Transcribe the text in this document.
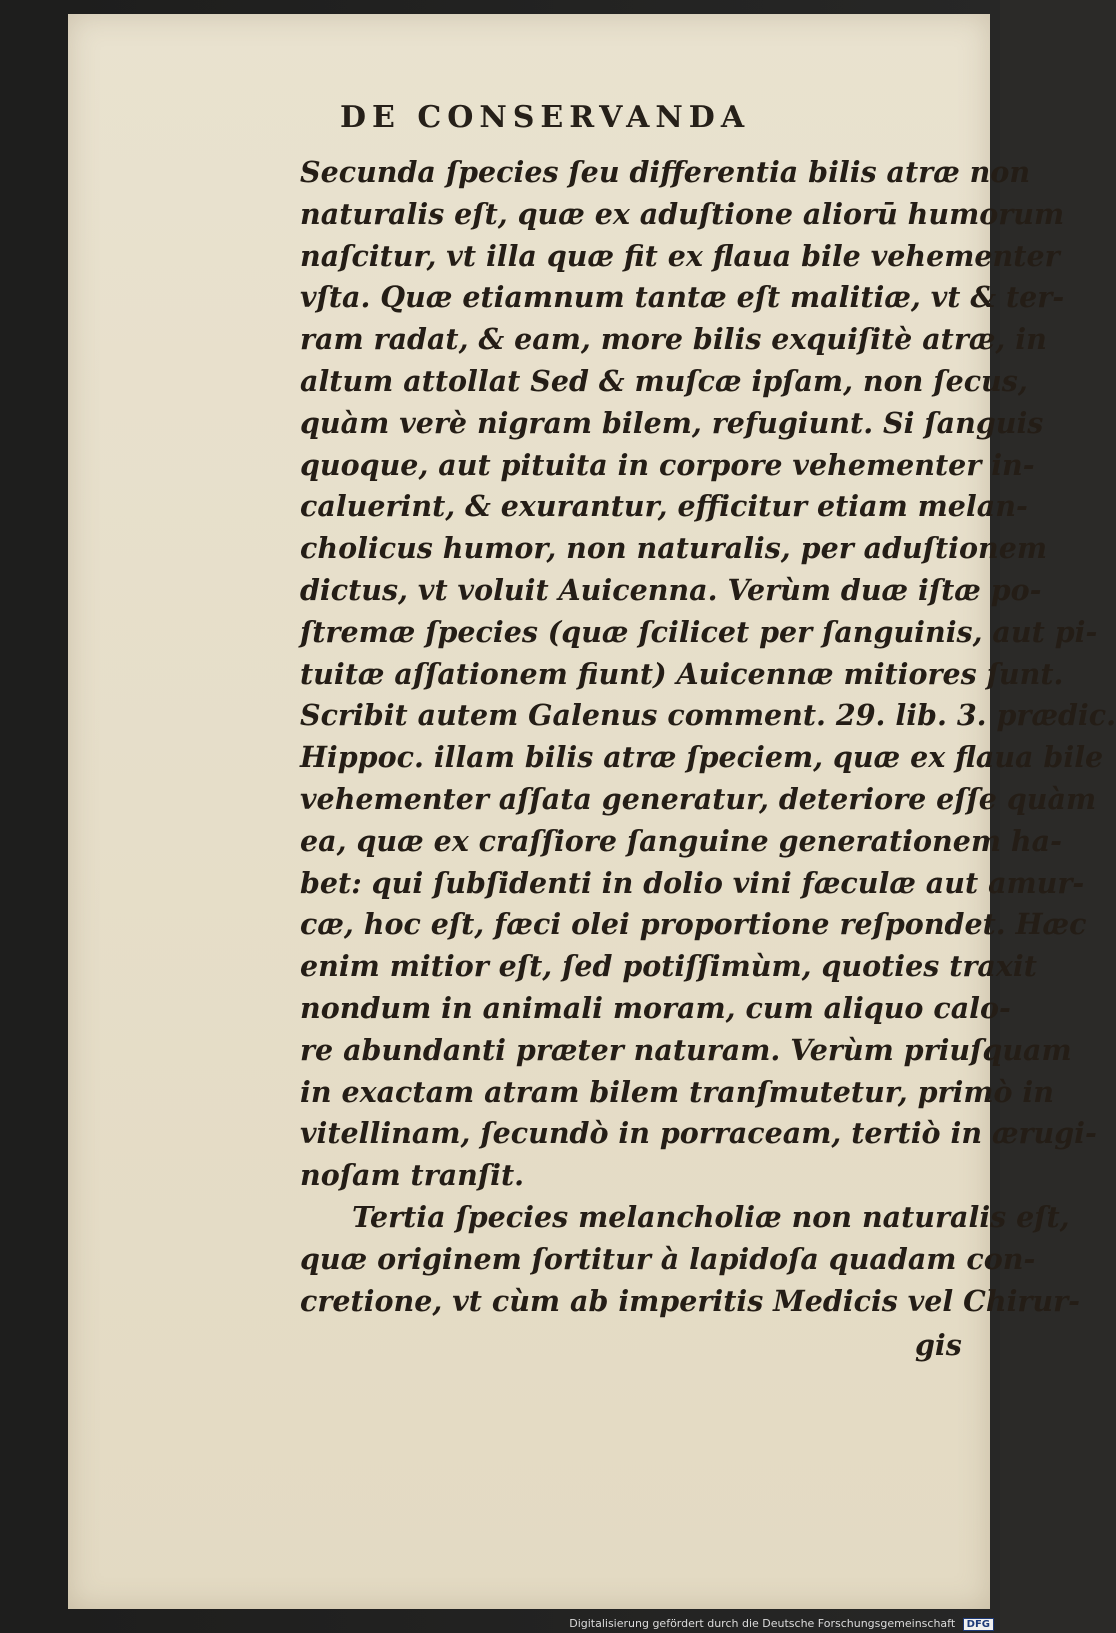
DE CONSERVANDA
Secunda ſpecies ſeu differentia bilis atræ non
naturalis eſt, quæ ex aduſtione aliorū humorum
naſcitur, vt illa quæ fit ex flaua bile vehementer
vſta. Quæ etiamnum tantæ eſt malitiæ, vt & ter-
ram radat, & eam, more bilis exquiſitè atræ, in
altum attollat Sed & muſcæ ipſam, non ſecus,
quàm verè nigram bilem, refugiunt. Si ſanguis
quoque, aut pituita in corpore vehementer in-
caluerint, & exurantur, efficitur etiam melan-
cholicus humor, non naturalis, per aduſtionem
dictus, vt voluit Auicenna. Verùm duæ iſtæ po-
ſtremæ ſpecies (quæ ſcilicet per ſanguinis, aut pi-
tuitæ aſſationem fiunt) Auicennæ mitiores ſunt.
Scribit autem Galenus comment. 29. lib. 3. prædic.
Hippoc. illam bilis atræ ſpeciem, quæ ex flaua bile
vehementer aſſata generatur, deteriore eſſe quàm
ea, quæ ex craſſiore ſanguine generationem ha-
bet: qui ſubſidenti in dolio vini fæculæ aut amur-
cæ, hoc eſt, fæci olei proportione reſpondet. Hæc
enim mitior eſt, ſed potiſſimùm, quoties traxit
nondum in animali moram, cum aliquo calo-
re abundanti præter naturam. Verùm priuſquam
in exactam atram bilem tranſmutetur, primò in
vitellinam, ſecundò in porraceam, tertiò in ærugi-
noſam tranſit.
Tertia ſpecies melancholiæ non naturalis eſt,
quæ originem ſortitur à lapidoſa quadam con-
cretione, vt cùm ab imperitis Medicis vel Chirur-
gis
Digitalisierung gefördert durch die Deutsche Forschungsgemeinschaft DFG
